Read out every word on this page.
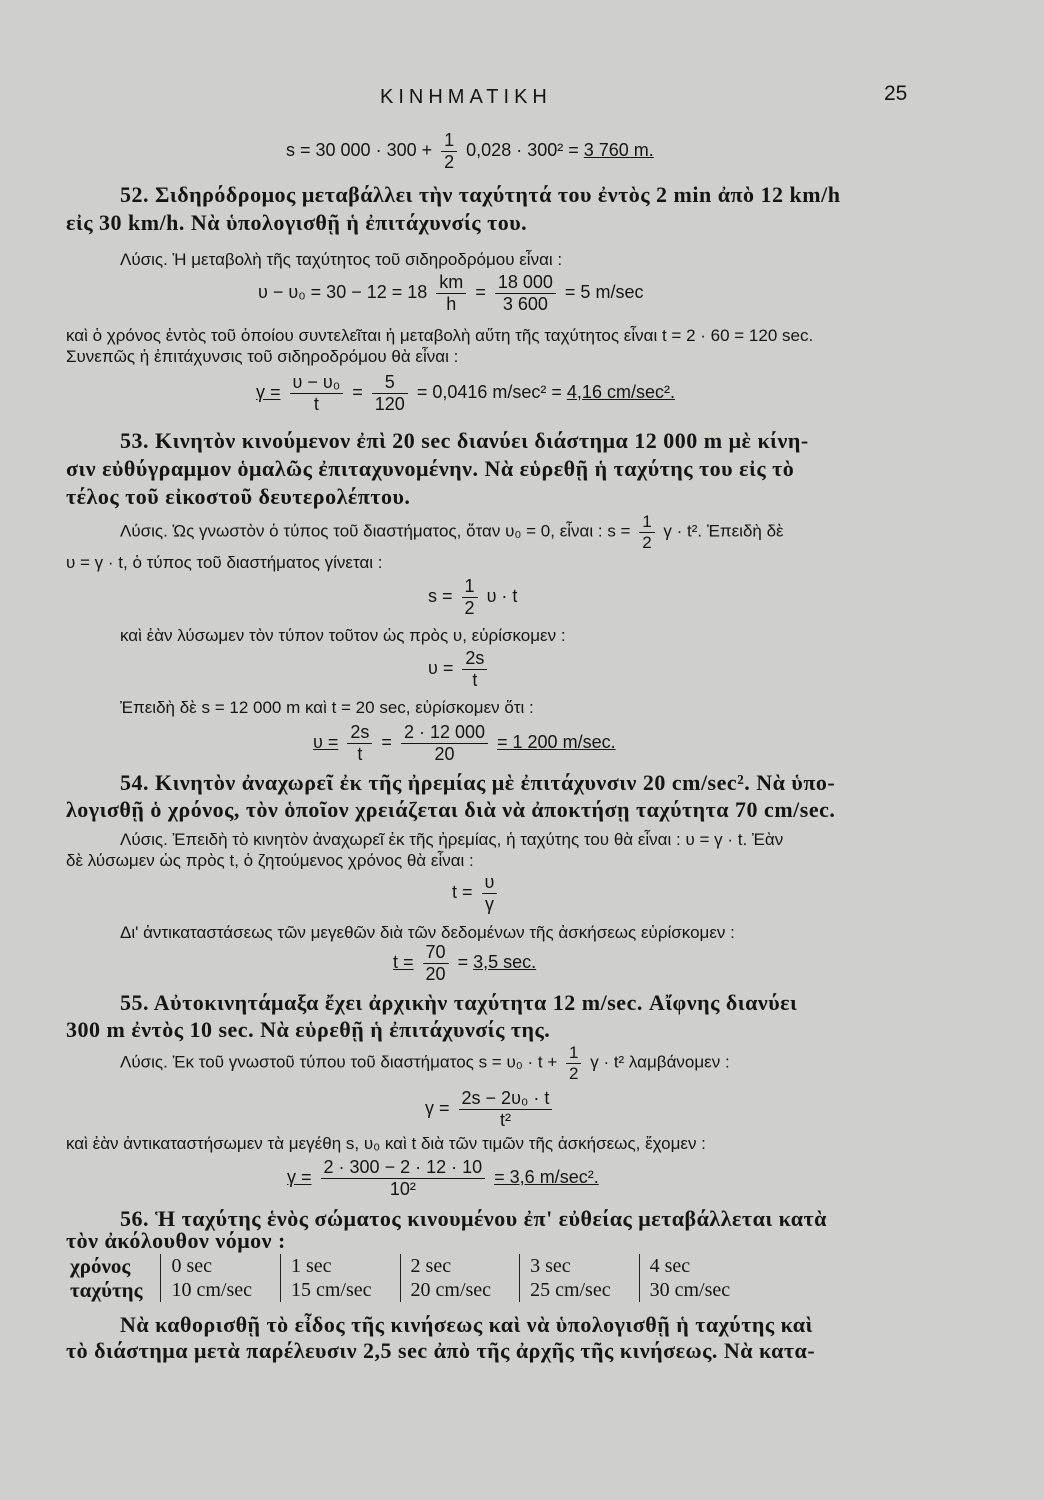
ΚΙΝΗΜΑΤΙΚΗ	25
s = 30 $000 \cdot 300 + \frac{1}{2} 0,028 \cdot 300^2 = 3$ 760 m.
52. Σιδηρόδρομος μεταβάλλει τὴν ταχύτητά του ἐντὸς 2 min ἀπὸ 12 km/h
εἰς 30 km/h. Νὰ ὑπολογισθῇ ἡ ἐπιτάχυνσίς του.
Λύσις. Ἡ μεταβολὴ τῆς ταχύτητος τοῦ σιδηροδρόμου εἶναι :
$\upsilon - \upsilon_0 = 30 - 12 = 18 \frac{km}{h} = \frac{18 000}{3 600} = 5$ m/sec
καὶ ὁ χρόνος ἐντὸς τοῦ ὁποίου συντελεῖται ἡ μεταβολὴ αὕτη τῆς ταχύτητος εἶναι t = 2 · 60 = 120 sec.
Συνεπῶς ἡ ἐπιτάχυνσις τοῦ σιδηροδρόμου θὰ εἶναι :
$\gamma = \frac{\text{υ − υ₀}}{t} = \frac{5}{120} = 0,0416$ m/sec² = 4,16 cm/sec².
53. Κινητὸν κινούμενον ἐπὶ 20 sec διανύει διάστημα 12 000 m μὲ κίνη-
σιν εὐθύγραμμον ὁμαλῶς ἐπιταχυνομένην. Νὰ εὑρεθῇ ἡ ταχύτης του εἰς τὸ
τέλος τοῦ εἰκοστοῦ δευτερολέπτου.
Λύσις. Ὡς γνωστὸν ὁ τύπος τοῦ διαστήματος, ὅταν υ₀ = 0, εἶναι : $s = \frac{1}{2}$ γ · t². Ἐπειδὴ δὲ
υ = γ · t, ὁ τύπος τοῦ διαστήματος γίνεται :
$s = \frac{1}{2}$ υ · t
καὶ ἐὰν λύσωμεν τὸν τύπον τοῦτον ὡς πρὸς υ, εὑρίσκομεν :
$\upsilon = \frac{2s}{t}$
Ἐπειδὴ δὲ s = 12 000 m καὶ t = 20 sec, εὑρίσκομεν ὅτι :
$\upsilon = \frac{2s}{t} = \frac{2 \cdot 12 000}{20} = 1$ 200 m/sec.
54. Κινητὸν ἀναχωρεῖ ἐκ τῆς ἠρεμίας μὲ ἐπιτάχυνσιν 20 cm/sec². Νὰ ὑπο-
λογισθῇ ὁ χρόνος, τὸν ὁποῖον χρειάζεται διὰ νὰ ἀποκτήσῃ ταχύτητα 70 cm/sec.
Λύσις. Ἐπειδὴ τὸ κινητὸν ἀναχωρεῖ ἐκ τῆς ἠρεμίας, ἡ ταχύτης του θὰ εἶναι : υ = γ · t. Ἐὰν
δὲ λύσωμεν ὡς πρὸς t, ὁ ζητούμενος χρόνος θὰ εἶναι :
$t = \frac{\upsilon}{\gamma}$
Δι' ἀντικαταστάσεως τῶν μεγεθῶν διὰ τῶν δεδομένων τῆς ἀσκήσεως εὑρίσκομεν :
$t = \frac{70}{20} = 3,5$ sec.
55. Αὐτοκινητάμαξα ἔχει ἀρχικὴν ταχύτητα 12 m/sec. Αἴφνης διανύει
300 m ἐντὸς 10 sec. Νὰ εὑρεθῇ ἡ ἐπιτάχυνσίς της.
Λύσις. Ἐκ τοῦ γνωστοῦ τύπου τοῦ διαστήματος $s = \upsilon_0 \cdot t + \frac{1}{2}$ γ · t² λαμβάνομεν :
$\gamma = \frac{\text{2s − 2υ₀ · t}}{\text{t²}}$
καὶ ἐὰν ἀντικαταστήσωμεν τὰ μεγέθη s, υ₀ καὶ t διὰ τῶν τιμῶν τῆς ἀσκήσεως, ἔχομεν :
$\gamma = \frac{2 \cdot 300 - 2 \cdot 12 \cdot 10}{\text{10²}} = 3,6$ m/sec².
56. Ἡ ταχύτης ἑνὸς σώματος κινουμένου ἐπ' εὐθείας μεταβάλλεται κατὰ
τὸν ἀκόλουθον νόμον :
χρόνος	0 sec	1 sec	2 sec	3 sec	4 sec
ταχύτης	10 cm/sec	15 cm/sec	20 cm/sec	25 cm/sec	30 cm/sec
Νὰ καθορισθῇ τὸ εἶδος τῆς κινήσεως καὶ νὰ ὑπολογισθῇ ἡ ταχύτης καὶ
τὸ διάστημα μετὰ παρέλευσιν 2,5 sec ἀπὸ τῆς ἀρχῆς τῆς κινήσεως. Νὰ κατα-
